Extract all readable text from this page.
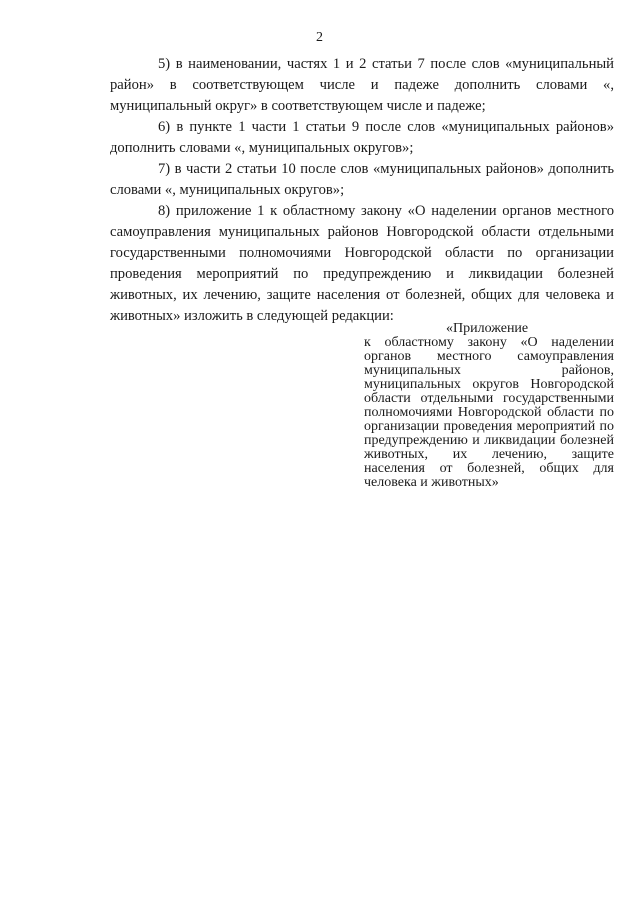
2

5) в наименовании, частях 1 и 2 статьи 7 после слов «муниципальный район» в соответствующем числе и падеже дополнить словами «, муниципальный округ» в соответствующем числе и падеже;

6) в пункте 1 части 1 статьи 9 после слов «муниципальных районов» дополнить словами «, муниципальных округов»;

7) в части 2 статьи 10 после слов «муниципальных районов» дополнить словами «, муниципальных округов»;

8) приложение 1 к областному закону «О наделении органов местного самоуправления муниципальных районов Новгородской области отдельными государственными полномочиями Новгородской области по организации проведения мероприятий по предупреждению и ликвидации болезней животных, их лечению, защите населения от болезней, общих для человека и животных» изложить в следующей редакции:

«Приложение

к областному закону «О наделении органов местного самоуправления муниципальных районов, муниципальных округов Новгородской области отдельными государственными полномочиями Новгородской области по организации проведения мероприятий по предупреждению и ликвидации болезней животных, их лечению, защите населения от болезней, общих для человека и животных»
